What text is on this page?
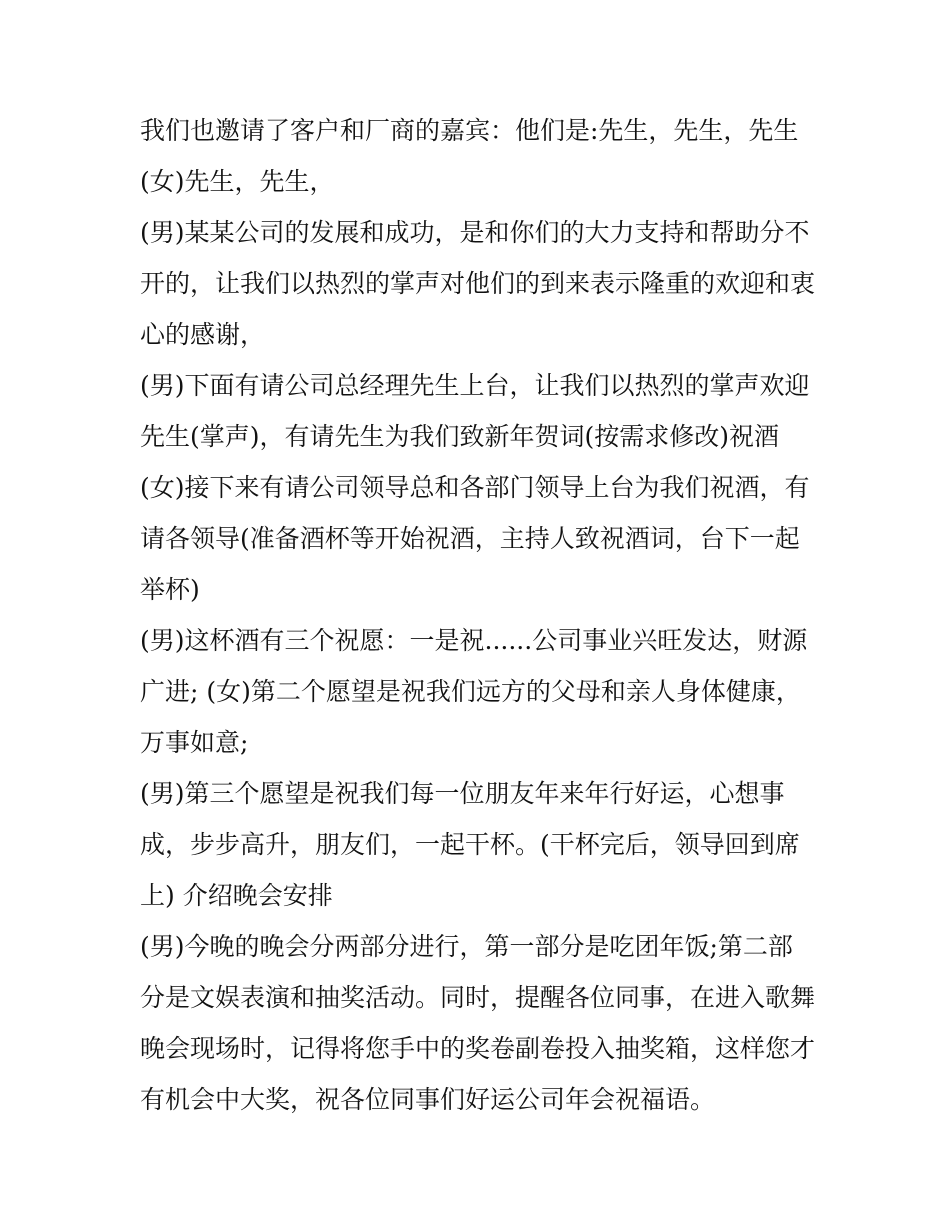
我们也邀请了客户和厂商的嘉宾：他们是:先生，先生，先生
(女)先生，先生，
(男)某某公司的发展和成功，是和你们的大力支持和帮助分不
开的，让我们以热烈的掌声对他们的到来表示隆重的欢迎和衷
心的感谢，
(男)下面有请公司总经理先生上台，让我们以热烈的掌声欢迎
先生(掌声)，有请先生为我们致新年贺词(按需求修改)祝酒
(女)接下来有请公司领导总和各部门领导上台为我们祝酒，有
请各领导(准备酒杯等开始祝酒，主持人致祝酒词，台下一起
举杯)
(男)这杯酒有三个祝愿：一是祝......公司事业兴旺发达，财源
广进; (女)第二个愿望是祝我们远方的父母和亲人身体健康，
万事如意;
(男)第三个愿望是祝我们每一位朋友年来年行好运，心想事
成，步步高升，朋友们，一起干杯。(干杯完后，领导回到席
上) 介绍晚会安排
(男)今晚的晚会分两部分进行，第一部分是吃团年饭;第二部
分是文娱表演和抽奖活动。同时，提醒各位同事，在进入歌舞
晚会现场时，记得将您手中的奖卷副卷投入抽奖箱，这样您才
有机会中大奖，祝各位同事们好运公司年会祝福语。
